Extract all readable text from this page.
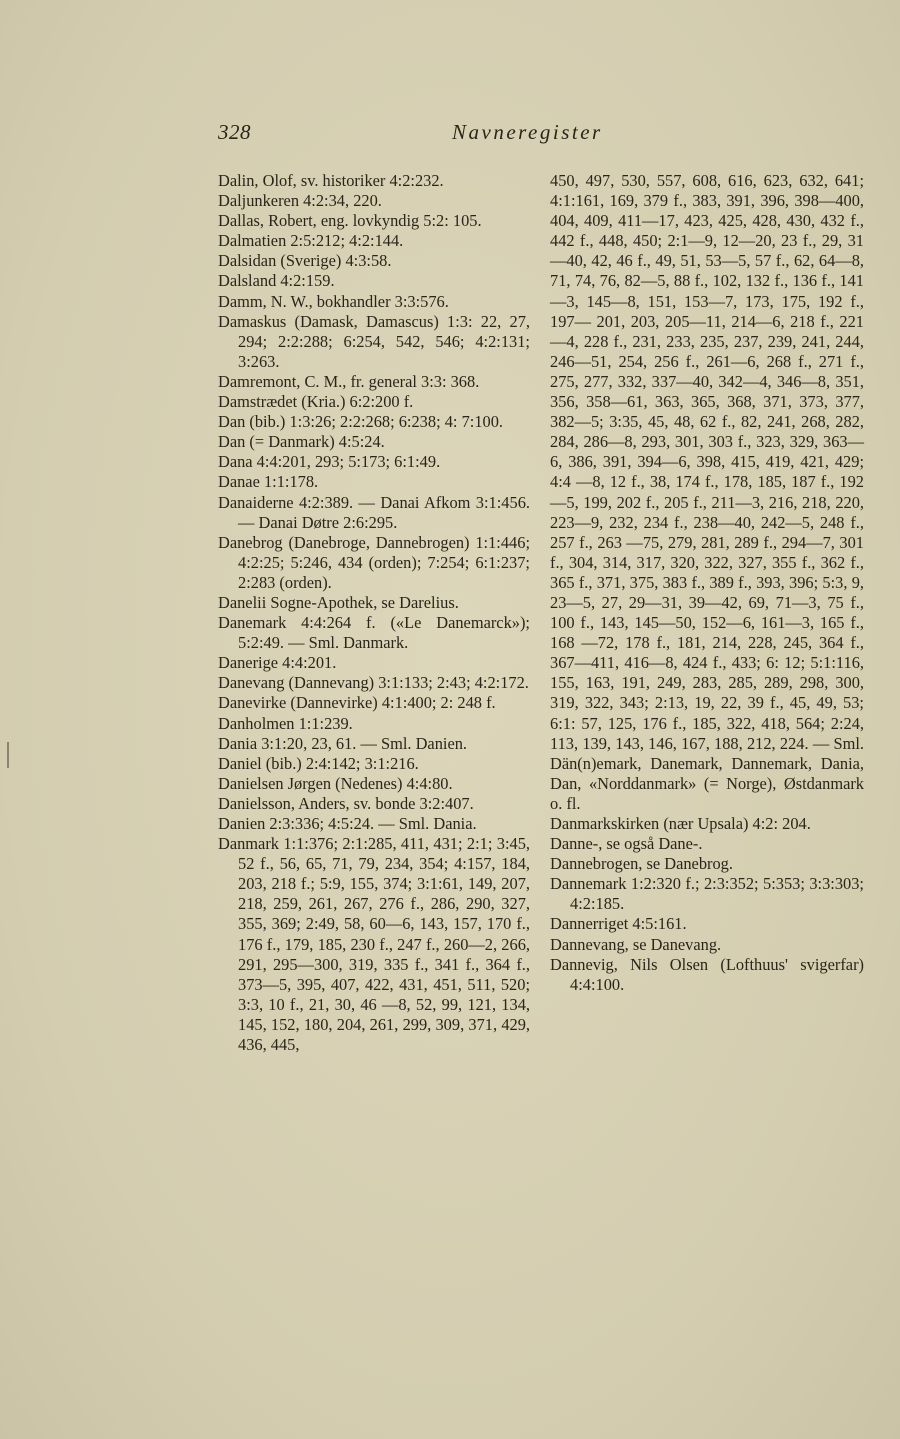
328	Navneregister

Dalin, Olof, sv. historiker 4:2:232.

Daljunkeren 4:2:34, 220.

Dallas, Robert, eng. lovkyndig 5:2: 105.

Dalmatien 2:5:212; 4:2:144.

Dalsidan (Sverige) 4:3:58.

Dalsland 4:2:159.

Damm, N. W., bokhandler 3:3:576.

Damaskus (Damask, Damascus) 1:3: 22, 27, 294; 2:2:288; 6:254, 542, 546; 4:2:131; 3:263.

Damremont, C. M., fr. general 3:3: 368.

Damstrædet (Kria.) 6:2:200 f.

Dan (bib.) 1:3:26; 2:2:268; 6:238; 4: 7:100.

Dan (= Danmark) 4:5:24.

Dana 4:4:201, 293; 5:173; 6:1:49.

Danae 1:1:178.

Danaiderne 4:2:389. — Danai Afkom 3:1:456. — Danai Døtre 2:6:295.

Danebrog (Danebroge, Dannebrogen) 1:1:446; 4:2:25; 5:246, 434 (orden); 7:254; 6:1:237; 2:283 (orden).

Danelii Sogne-Apothek, se Darelius.

Danemark 4:4:264 f. («Le Danemarck»); 5:2:49. — Sml. Danmark.

Danerige 4:4:201.

Danevang (Dannevang) 3:1:133; 2:43; 4:2:172.

Danevirke (Dannevirke) 4:1:400; 2: 248 f.

Danholmen 1:1:239.

Dania 3:1:20, 23, 61. — Sml. Danien.

Daniel (bib.) 2:4:142; 3:1:216.

Danielsen Jørgen (Nedenes) 4:4:80.

Danielsson, Anders, sv. bonde 3:2:407.

Danien 2:3:336; 4:5:24. — Sml. Dania.

Danmark 1:1:376; 2:1:285, 411, 431; 2:1; 3:45, 52 f., 56, 65, 71, 79, 234, 354; 4:157, 184, 203, 218 f.; 5:9, 155, 374; 3:1:61, 149, 207, 218, 259, 261, 267, 276 f., 286, 290, 327, 355, 369; 2:49, 58, 60—6, 143, 157, 170 f., 176 f., 179, 185, 230 f., 247 f., 260—2, 266, 291, 295—300, 319, 335 f., 341 f., 364 f., 373—5, 395, 407, 422, 431, 451, 511, 520; 3:3, 10 f., 21, 30, 46 —8, 52, 99, 121, 134, 145, 152, 180, 204, 261, 299, 309, 371, 429, 436, 445,

450, 497, 530, 557, 608, 616, 623, 632, 641; 4:1:161, 169, 379 f., 383, 391, 396, 398—400, 404, 409, 411—17, 423, 425, 428, 430, 432 f., 442 f., 448, 450; 2:1—9, 12—20, 23 f., 29, 31—40, 42, 46 f., 49, 51, 53—5, 57 f., 62, 64—8, 71, 74, 76, 82—5, 88 f., 102, 132 f., 136 f., 141—3, 145—8, 151, 153—7, 173, 175, 192 f., 197— 201, 203, 205—11, 214—6, 218 f., 221—4, 228 f., 231, 233, 235, 237, 239, 241, 244, 246—51, 254, 256 f., 261—6, 268 f., 271 f., 275, 277, 332, 337—40, 342—4, 346—8, 351, 356, 358—61, 363, 365, 368, 371, 373, 377, 382—5; 3:35, 45, 48, 62 f., 82, 241, 268, 282, 284, 286—8, 293, 301, 303 f., 323, 329, 363—6, 386, 391, 394—6, 398, 415, 419, 421, 429; 4:4 —8, 12 f., 38, 174 f., 178, 185, 187 f., 192—5, 199, 202 f., 205 f., 211—3, 216, 218, 220, 223—9, 232, 234 f., 238—40, 242—5, 248 f., 257 f., 263 —75, 279, 281, 289 f., 294—7, 301 f., 304, 314, 317, 320, 322, 327, 355 f., 362 f., 365 f., 371, 375, 383 f., 389 f., 393, 396; 5:3, 9, 23—5, 27, 29—31, 39—42, 69, 71—3, 75 f., 100 f., 143, 145—50, 152—6, 161—3, 165 f., 168 —72, 178 f., 181, 214, 228, 245, 364 f., 367—411, 416—8, 424 f., 433; 6: 12; 5:1:116, 155, 163, 191, 249, 283, 285, 289, 298, 300, 319, 322, 343; 2:13, 19, 22, 39 f., 45, 49, 53; 6:1: 57, 125, 176 f., 185, 322, 418, 564; 2:24, 113, 139, 143, 146, 167, 188, 212, 224. — Sml. Dän(n)emark, Danemark, Dannemark, Dania, Dan, «Norddanmark» (= Norge), Østdanmark o. fl.

Danmarkskirken (nær Upsala) 4:2: 204.

Danne-, se også Dane-.

Dannebrogen, se Danebrog.

Dannemark 1:2:320 f.; 2:3:352; 5:353; 3:3:303; 4:2:185.

Dannerriget 4:5:161.

Dannevang, se Danevang.

Dannevig, Nils Olsen (Lofthuus' svigerfar) 4:4:100.
